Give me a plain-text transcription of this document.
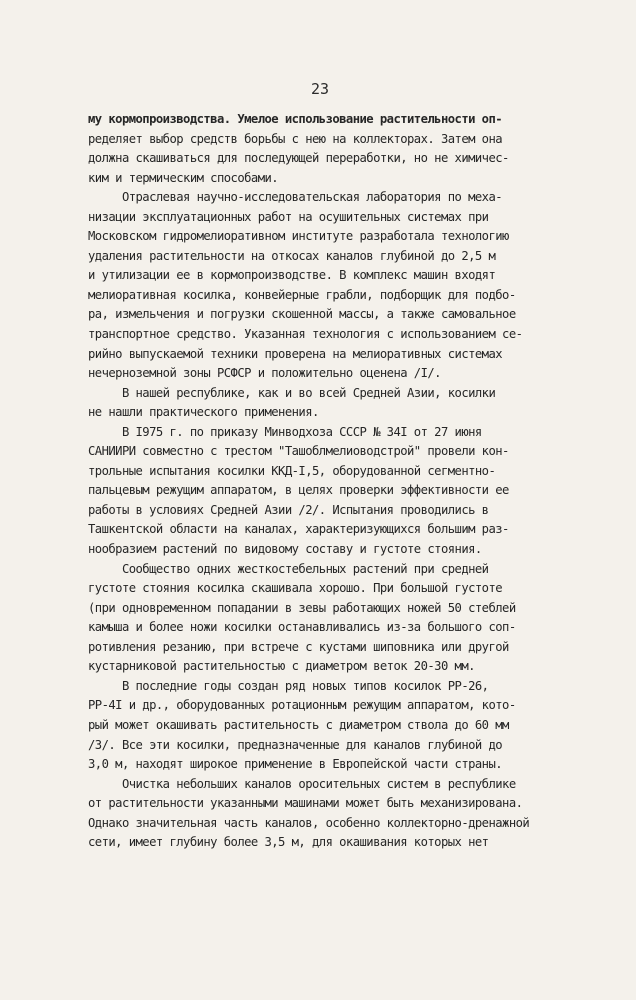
23
му кормопроизводства. Умелое использование растительности оп-
ределяет выбор средств борьбы с нею на коллекторах. Затем она
должна скашиваться для последующей переработки, но не химичес-
ким и термическим способами.
Отраслевая научно-исследовательская лаборатория по меха-
низации эксплуатационных работ на осушительных системах при
Московском гидромелиоративном институте разработала технологию
удаления растительности на откосах каналов глубиной до 2,5 м
и утилизации ее в кормопроизводстве. В комплекс машин входят
мелиоративная косилка, конвейерные грабли, подборщик для подбо-
ра, измельчения и погрузки скошенной массы, а также самовальное
транспортное средство. Указанная технология с использованием се-
рийно выпускаемой техники проверена на мелиоративных системах
нечерноземной зоны РСФСР и положительно оценена /I/.
В нашей республике, как и во всей Средней Азии, косилки
не нашли практического применения.
В I975 г. по приказу Минводхоза СССР № 34I от 27 июня
САНИИРИ совместно с трестом "Ташоблмелиоводстрой" провели кон-
трольные испытания косилки ККД-I,5, оборудованной сегментно-
пальцевым режущим аппаратом, в целях проверки эффективности ее
работы в условиях Средней Азии /2/. Испытания проводились в
Ташкентской области на каналах, характеризующихся большим раз-
нообразием растений по видовому составу и густоте стояния.
Сообщество одних жесткостебельных растений при средней
густоте стояния косилка скашивала хорошо. При большой густоте
(при одновременном попадании в зевы работающих ножей 50 стеблей
камыша и более ножи косилки останавливались из-за большого соп-
ротивления резанию, при встрече с кустами шиповника или другой
кустарниковой растительностью с диаметром веток 20-30 мм.
В последние годы создан ряд новых типов косилок РР-26,
РР-4I и др., оборудованных ротационным режущим аппаратом, кото-
рый может окашивать растительность с диаметром ствола до 60 мм
/3/. Все эти косилки, предназначенные для каналов глубиной до
3,0 м, находят широкое применение в Европейской части страны.
Очистка небольших каналов оросительных систем в республике
от растительности указанными машинами может быть механизирована.
Однако значительная часть каналов, особенно коллекторно-дренажной
сети, имеет глубину более 3,5 м, для окашивания которых нет
